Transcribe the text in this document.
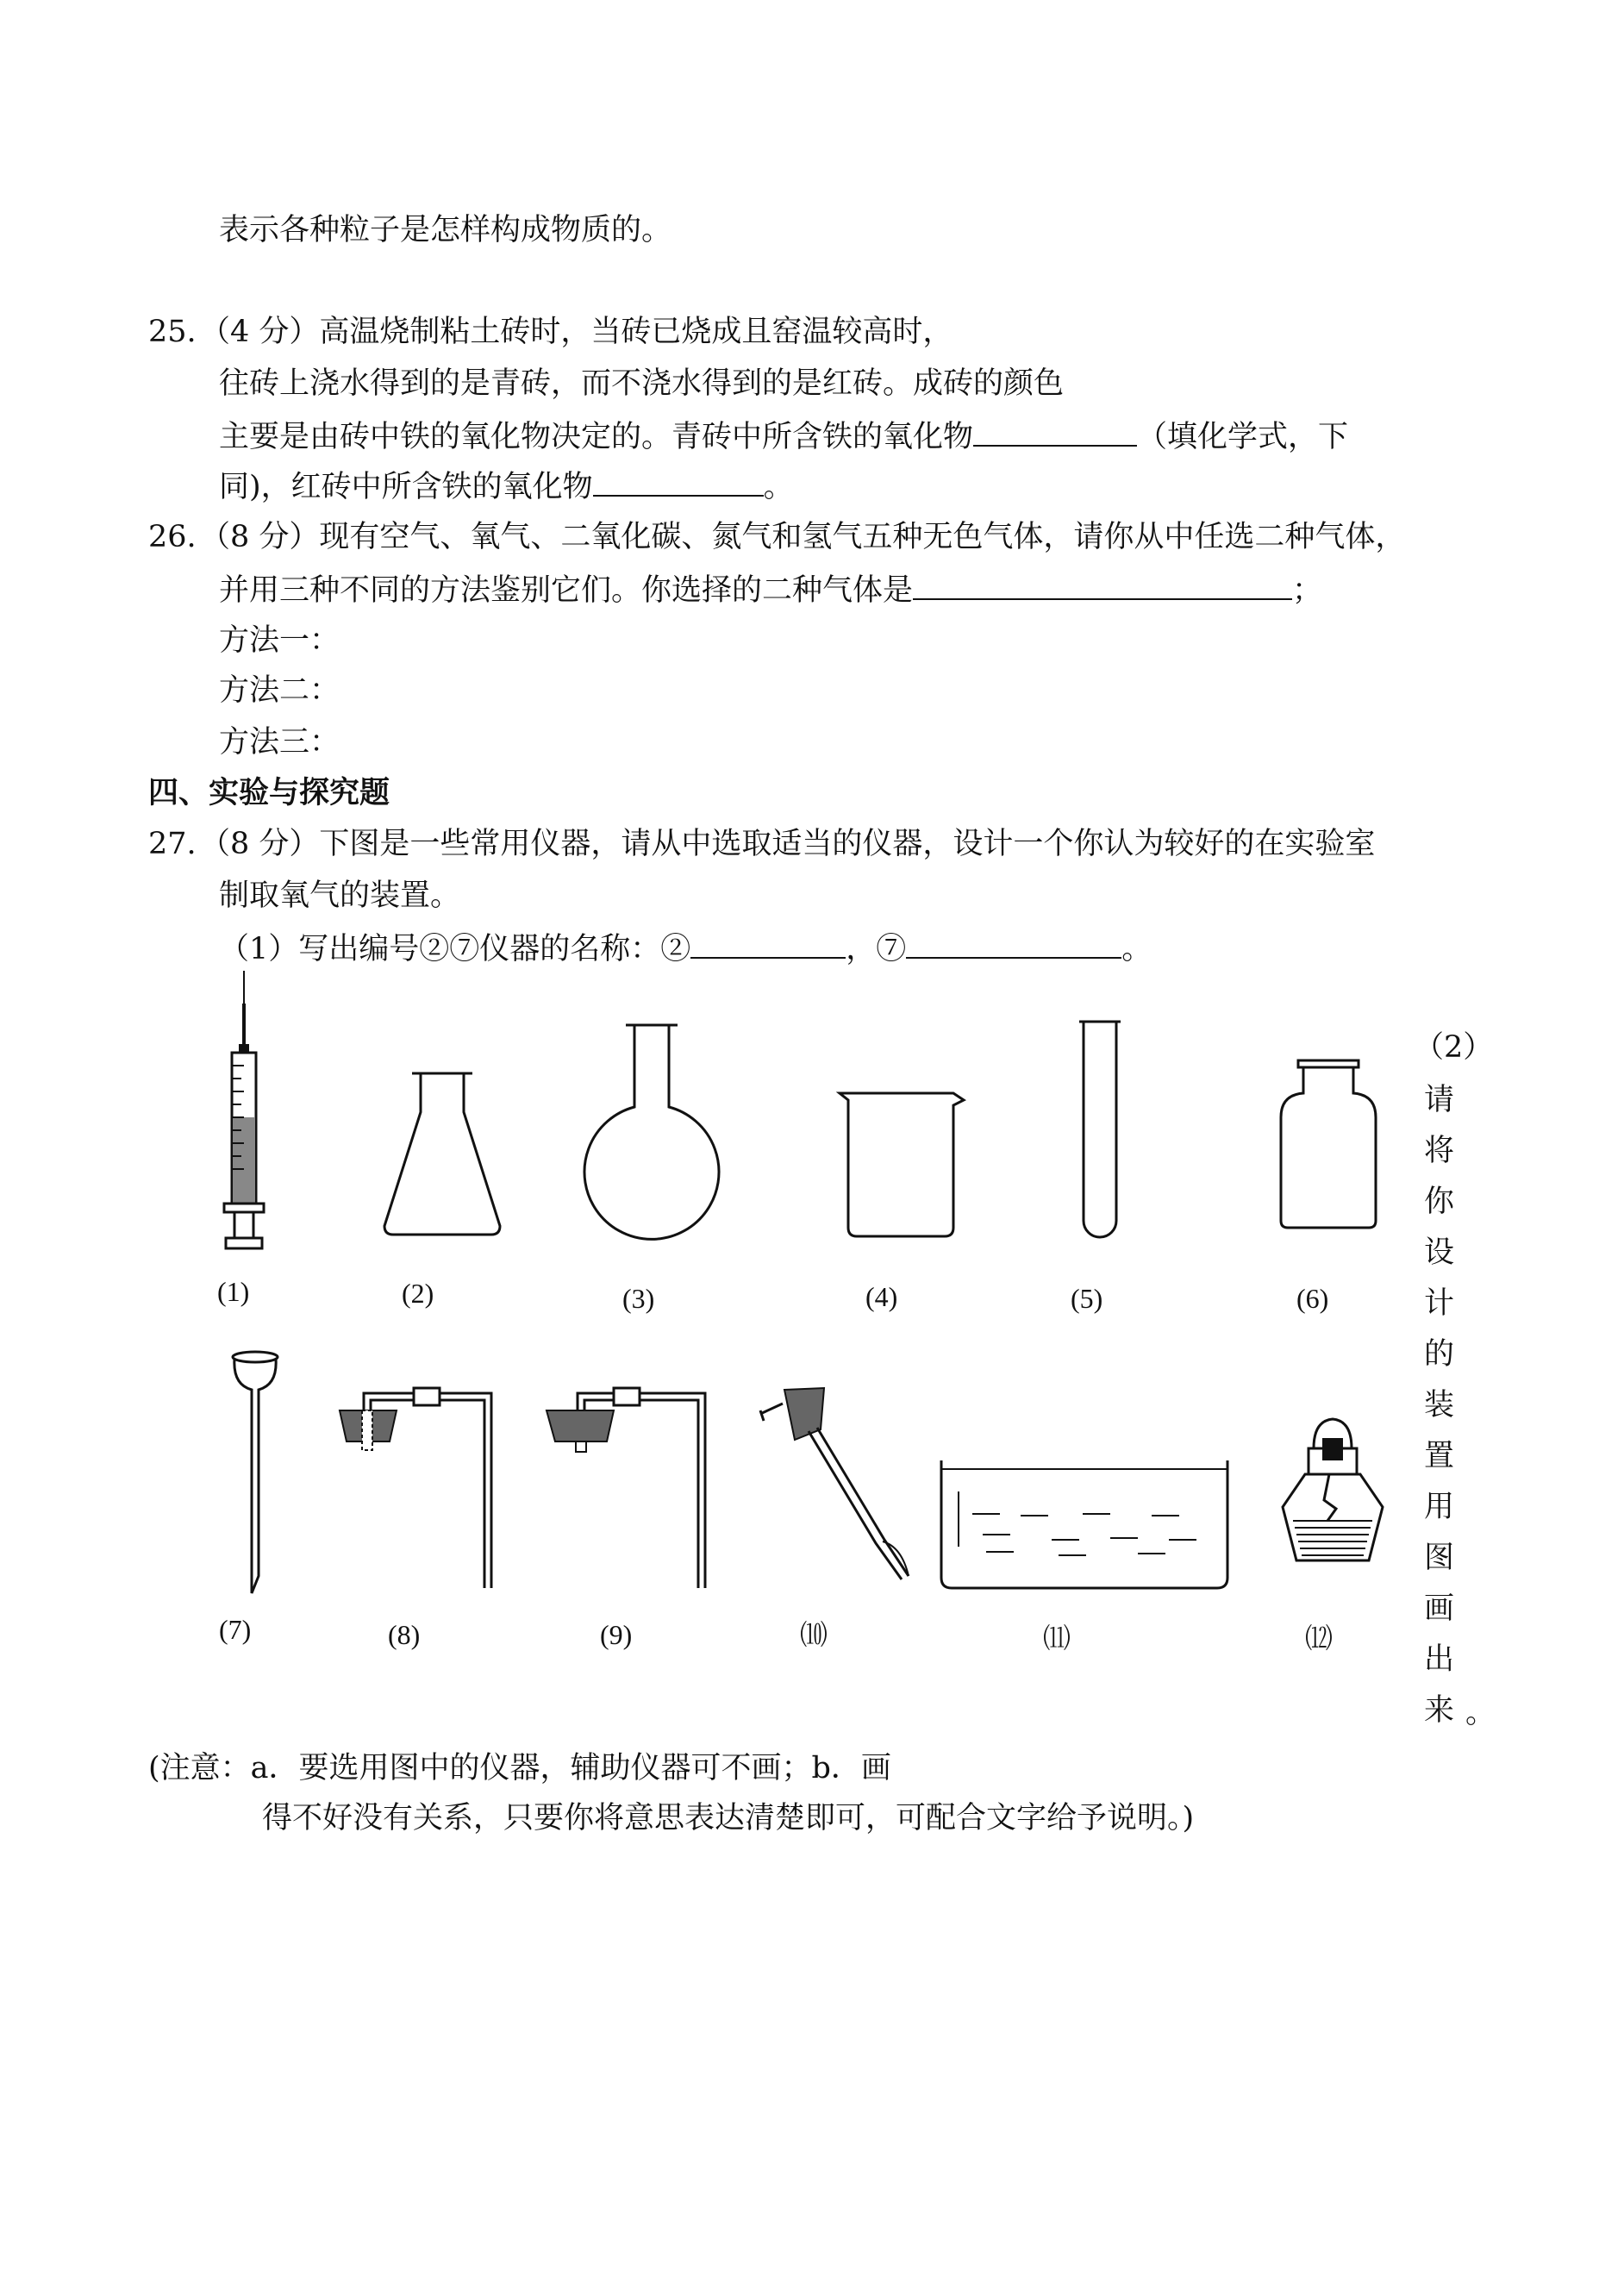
表示各种粒子是怎样构成物质的。
25. （4 分）高温烧制粘土砖时，当砖已烧成且窑温较高时，
往砖上浇水得到的是青砖，而不浇水得到的是红砖。成砖的颜色
主要是由砖中铁的氧化物决定的。青砖中所含铁的氧化物	（填化学式，下
同)，红砖中所含铁的氧化物	。
26. （8 分）现有空气、氧气、二氧化碳、氮气和氢气五种无色气体，请你从中任选二种气体，
并用三种不同的方法鉴别它们。你选择的二种气体是	；
方法一：
方法二：
方法三：
四、实验与探究题
27. （8 分）下图是一些常用仪器，请从中选取适当的仪器，设计一个你认为较好的在实验室
制取氧气的装置。
（1）写出编号②⑦仪器的名称：②	，⑦	。
（2）
请
将
你
设
计
的
装
置
用
图
画
出
来 。
(注意：a．要选用图中的仪器，辅助仪器可不画；b．画
得不好没有关系，只要你将意思表达清楚即可，可配合文字给予说明。)
(1)	(2)	(3)	(4)	(5)	(6)
(7)	(8)	(9)	⑽	⑾	⑿
